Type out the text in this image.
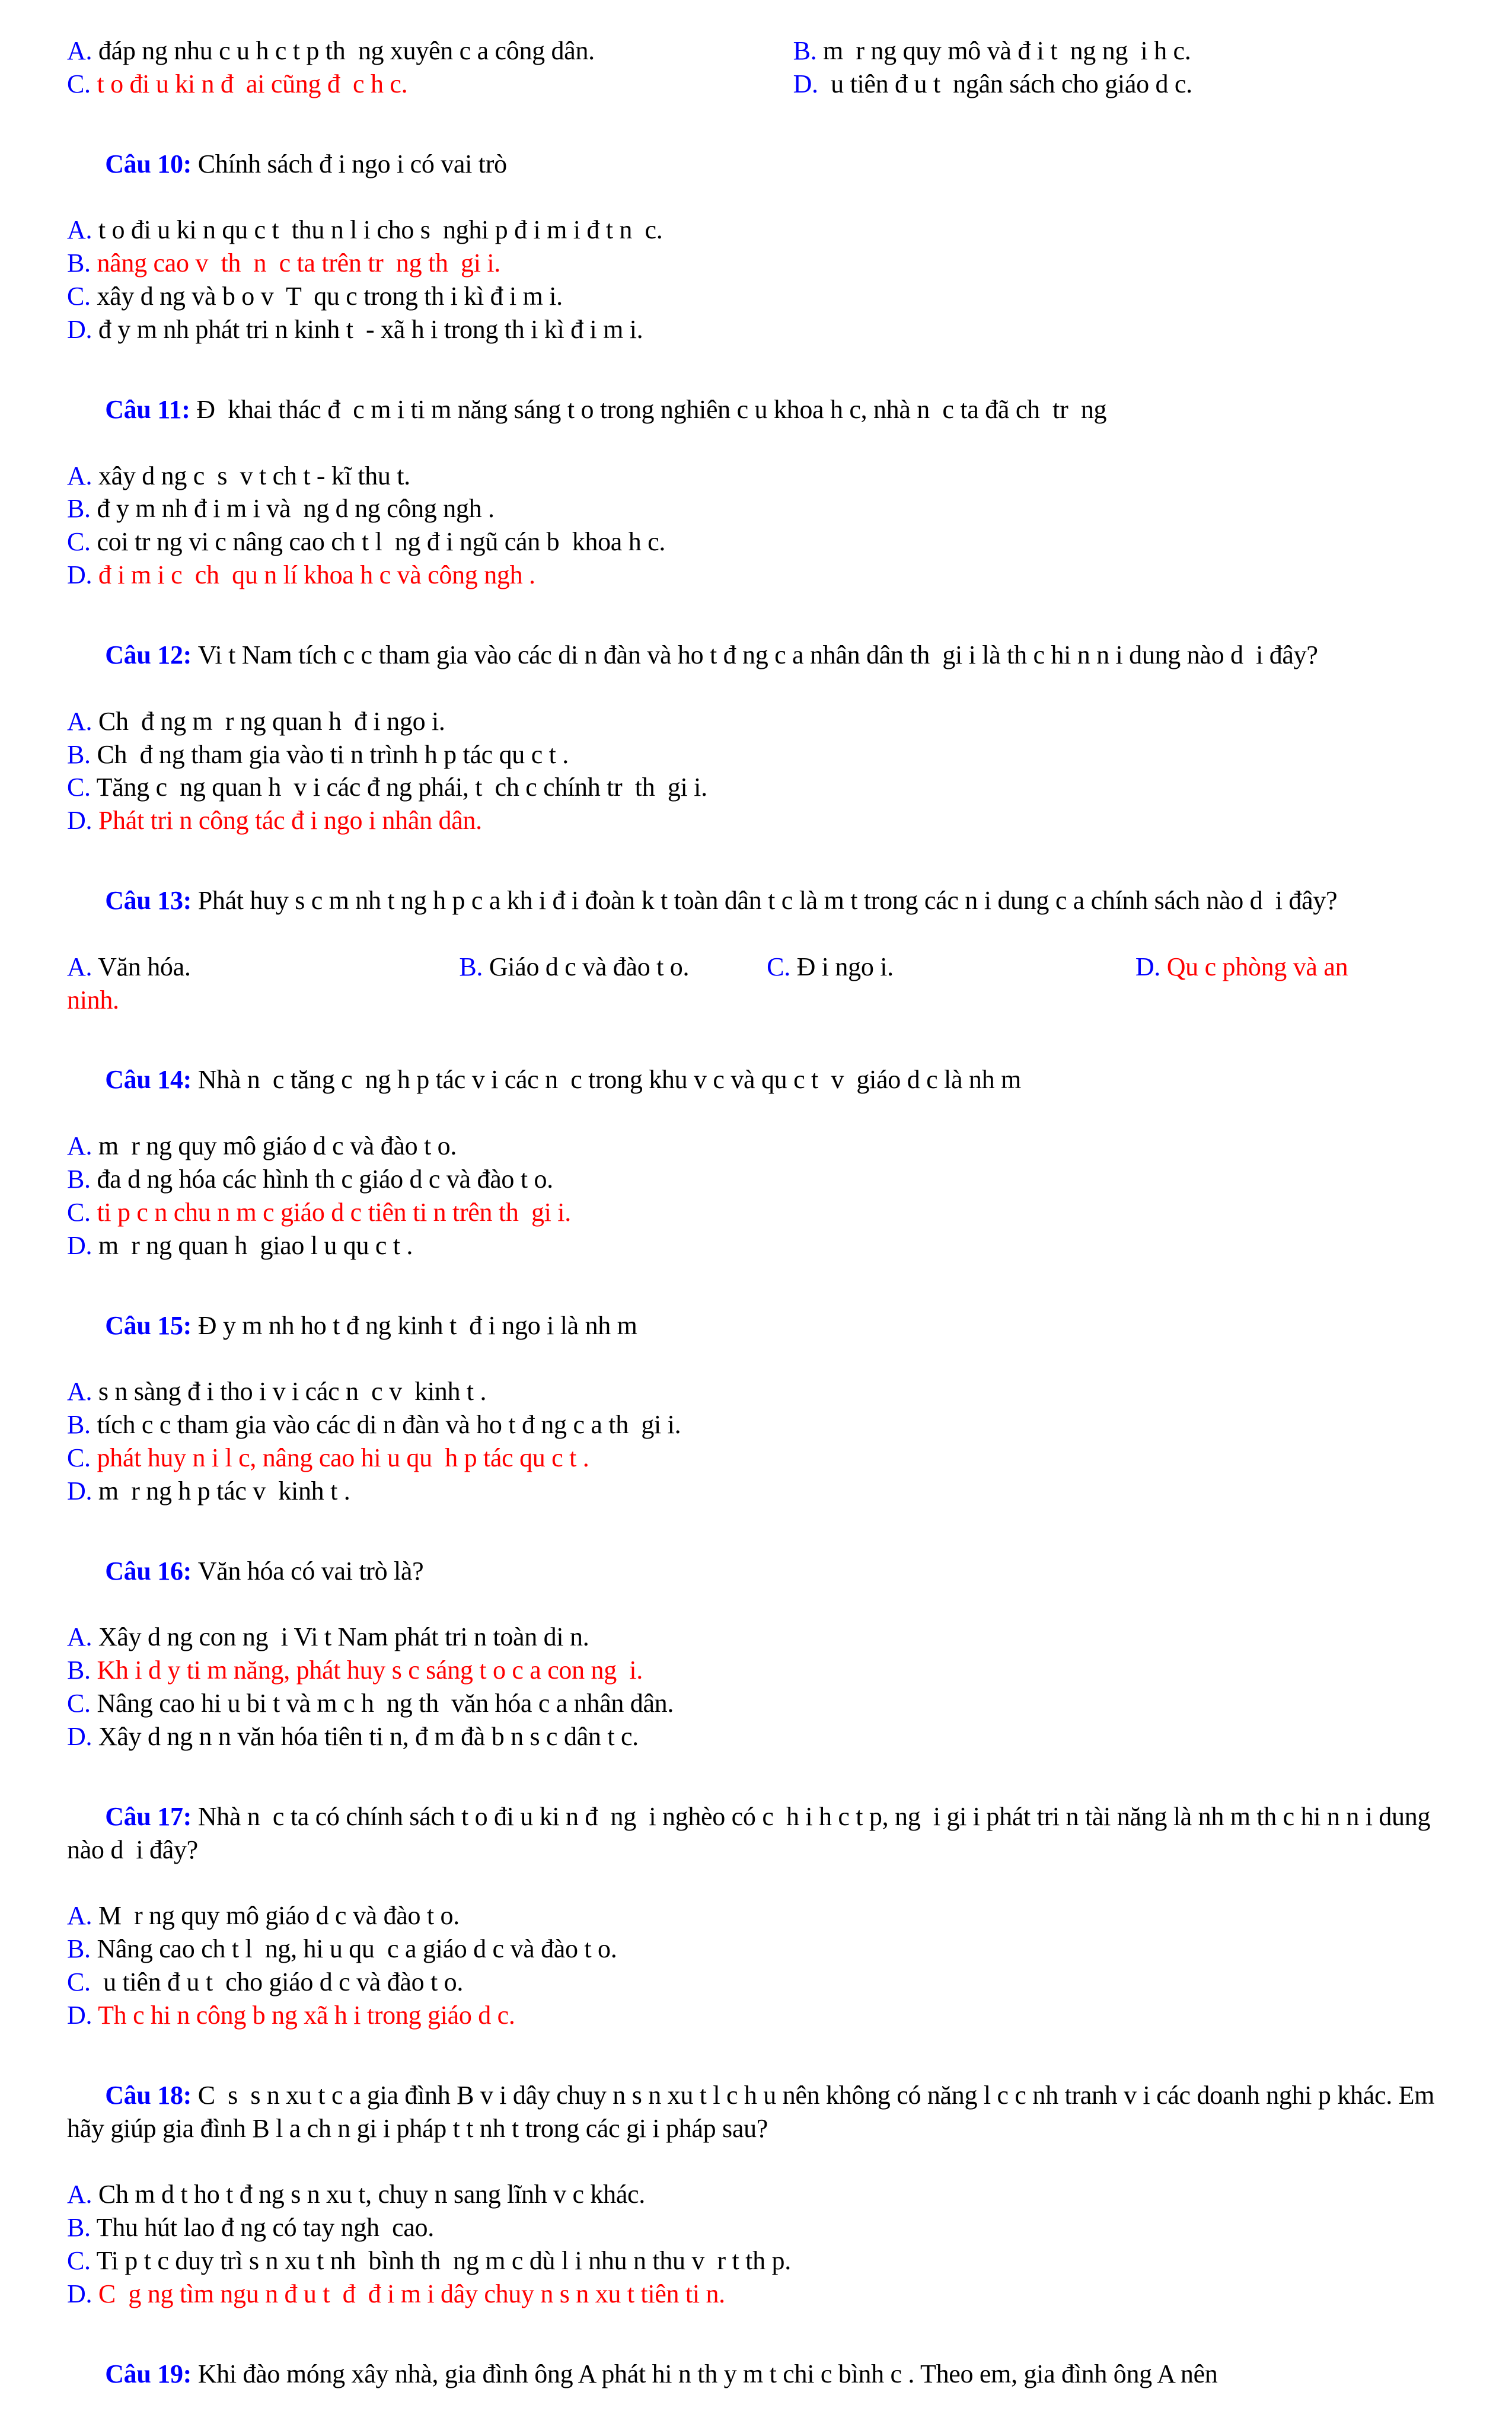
A. đáp ng nhu c u h c t p th  ng xuyên c a công dân.	B. m  r ng quy mô và đ i t  ng ng  i h c.
C. t o đi u ki n đ  ai cũng đ  c h c.	D.  u tiên đ u t  ngân sách cho giáo d c.

Câu 10: Chính sách đ i ngo i có vai trò

A. t o đi u ki n qu c t  thu n l i cho s  nghi p đ i m i đ t n  c.
B. nâng cao v  th  n  c ta trên tr  ng th  gi i.
C. xây d ng và b o v  T  qu c trong th i kì đ i m i.
D. đ y m nh phát tri n kinh t  - xã h i trong th i kì đ i m i.

Câu 11: Đ  khai thác đ  c m i ti m năng sáng t o trong nghiên c u khoa h c, nhà n  c ta đã ch  tr  ng

A. xây d ng c  s  v t ch t - kĩ thu t.
B. đ y m nh đ i m i và  ng d ng công ngh .
C. coi tr ng vi c nâng cao ch t l  ng đ i ngũ cán b  khoa h c.
D. đ i m i c  ch  qu n lí khoa h c và công ngh .

Câu 12: Vi t Nam tích c c tham gia vào các di n đàn và ho t đ ng c a nhân dân th  gi i là th c hi n n i dung nào d  i đây?

A. Ch  đ ng m  r ng quan h  đ i ngo i.
B. Ch  đ ng tham gia vào ti n trình h p tác qu c t .
C. Tăng c  ng quan h  v i các đ ng phái, t  ch c chính tr  th  gi i.
D. Phát tri n công tác đ i ngo i nhân dân.

Câu 13: Phát huy s c m nh t ng h p c a kh i đ i đoàn k t toàn dân t c là m t trong các n i dung c a chính sách nào d  i đây?

A. Văn hóa.	B. Giáo d c và đào t o.	C. Đ i ngo i.	D. Qu c phòng và an
ninh.

Câu 14: Nhà n  c tăng c  ng h p tác v i các n  c trong khu v c và qu c t  v  giáo d c là nh m

A. m  r ng quy mô giáo d c và đào t o.
B. đa d ng hóa các hình th c giáo d c và đào t o.
C. ti p c n chu n m c giáo d c tiên ti n trên th  gi i.
D. m  r ng quan h  giao l u qu c t .

Câu 15: Đ y m nh ho t đ ng kinh t  đ i ngo i là nh m

A. s n sàng đ i tho i v i các n  c v  kinh t .
B. tích c c tham gia vào các di n đàn và ho t đ ng c a th  gi i.
C. phát huy n i l c, nâng cao hi u qu  h p tác qu c t .
D. m  r ng h p tác v  kinh t .

Câu 16: Văn hóa có vai trò là?

A. Xây d ng con ng  i Vi t Nam phát tri n toàn di n.
B. Kh i d y ti m năng, phát huy s c sáng t o c a con ng  i.
C. Nâng cao hi u bi t và m c h  ng th  văn hóa c a nhân dân.
D. Xây d ng n n văn hóa tiên ti n, đ m đà b n s c dân t c.

Câu 17: Nhà n  c ta có chính sách t o đi u ki n đ  ng  i nghèo có c  h i h c t p, ng  i gi i phát tri n tài năng là nh m th c hi n n i dung nào d  i đây?

A. M  r ng quy mô giáo d c và đào t o.
B. Nâng cao ch t l  ng, hi u qu  c a giáo d c và đào t o.
C.  u tiên đ u t  cho giáo d c và đào t o.
D. Th c hi n công b ng xã h i trong giáo d c.

Câu 18: C  s  s n xu t c a gia đình B v i dây chuy n s n xu t l c h u nên không có năng l c c nh tranh v i các doanh nghi p khác. Em hãy giúp gia đình B l a ch n gi i pháp t t nh t trong các gi i pháp sau?

A. Ch m d t ho t đ ng s n xu t, chuy n sang lĩnh v c khác.
B. Thu hút lao đ ng có tay ngh  cao.
C. Ti p t c duy trì s n xu t nh  bình th  ng m c dù l i nhu n thu v  r t th p.
D. C  g ng tìm ngu n đ u t  đ  đ i m i dây chuy n s n xu t tiên ti n.

Câu 19: Khi đào móng xây nhà, gia đình ông A phát hi n th y m t chi c bình c . Theo em, gia đình ông A nên
